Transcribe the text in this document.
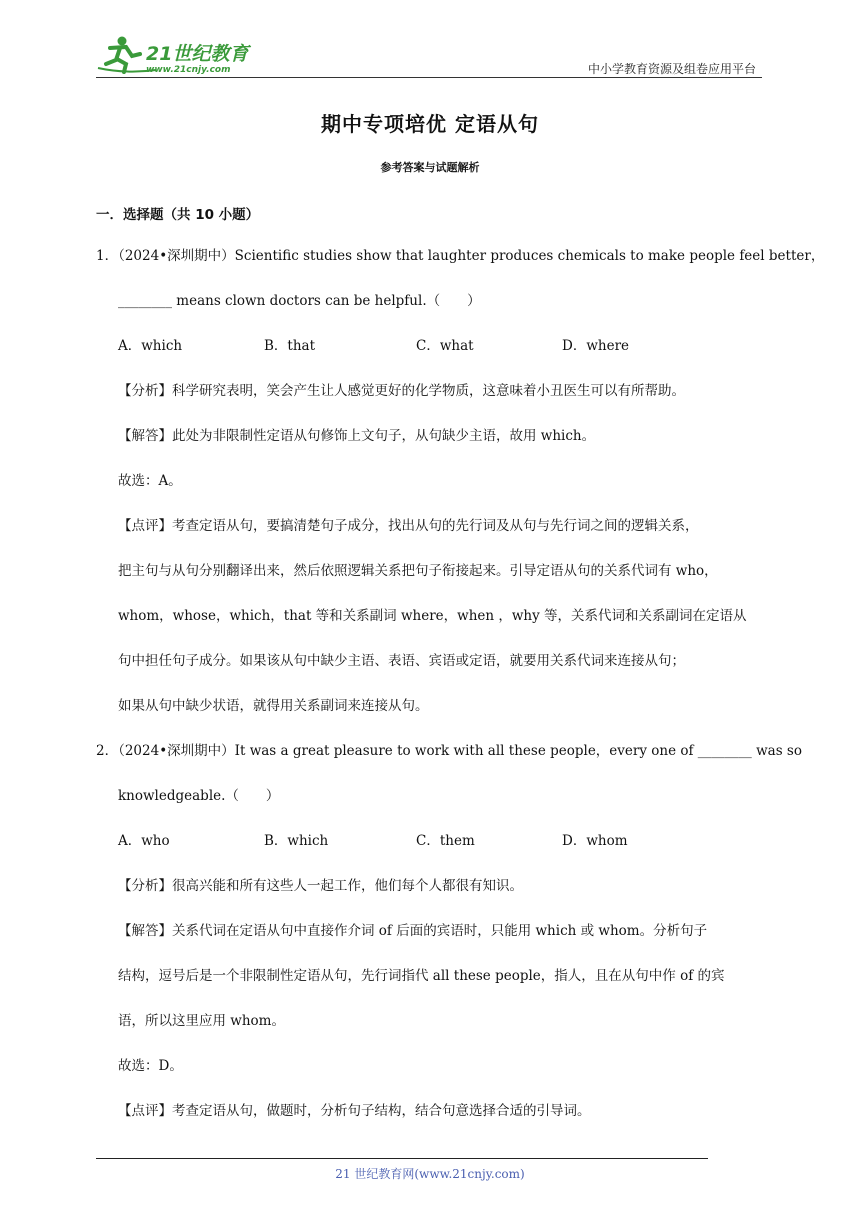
21世纪教育
www.21cnjy.com	中小学教育资源及组卷应用平台
期中专项培优 定语从句
参考答案与试题解析
一．选择题（共 10 小题）
1．（2024•深圳期中）Scientific studies show that laughter produces chemicals to make people feel better，
________ means clown doctors can be helpful.（　　）
A．which	B．that	C．what	D．where
【分析】科学研究表明，笑会产生让人感觉更好的化学物质，这意味着小丑医生可以有所帮助。
【解答】此处为非限制性定语从句修饰上文句子，从句缺少主语，故用 which。
故选：A。
【点评】考查定语从句，要搞清楚句子成分，找出从句的先行词及从句与先行词之间的逻辑关系，
把主句与从句分别翻译出来，然后依照逻辑关系把句子衔接起来。引导定语从句的关系代词有 who，
whom，whose，which，that 等和关系副词 where，when ，why 等，关系代词和关系副词在定语从
句中担任句子成分。如果该从句中缺少主语、表语、宾语或定语，就要用关系代词来连接从句；
如果从句中缺少状语，就得用关系副词来连接从句。
2．（2024•深圳期中）It was a great pleasure to work with all these people，every one of ________ was so
knowledgeable.（　　）
A．who	B．which	C．them	D．whom
【分析】很高兴能和所有这些人一起工作，他们每个人都很有知识。
【解答】关系代词在定语从句中直接作介词 of 后面的宾语时，只能用 which 或 whom。分析句子
结构，逗号后是一个非限制性定语从句，先行词指代 all these people，指人，且在从句中作 of 的宾
语，所以这里应用 whom。
故选：D。
【点评】考查定语从句，做题时，分析句子结构，结合句意选择合适的引导词。
21 世纪教育网(www.21cnjy.com)
